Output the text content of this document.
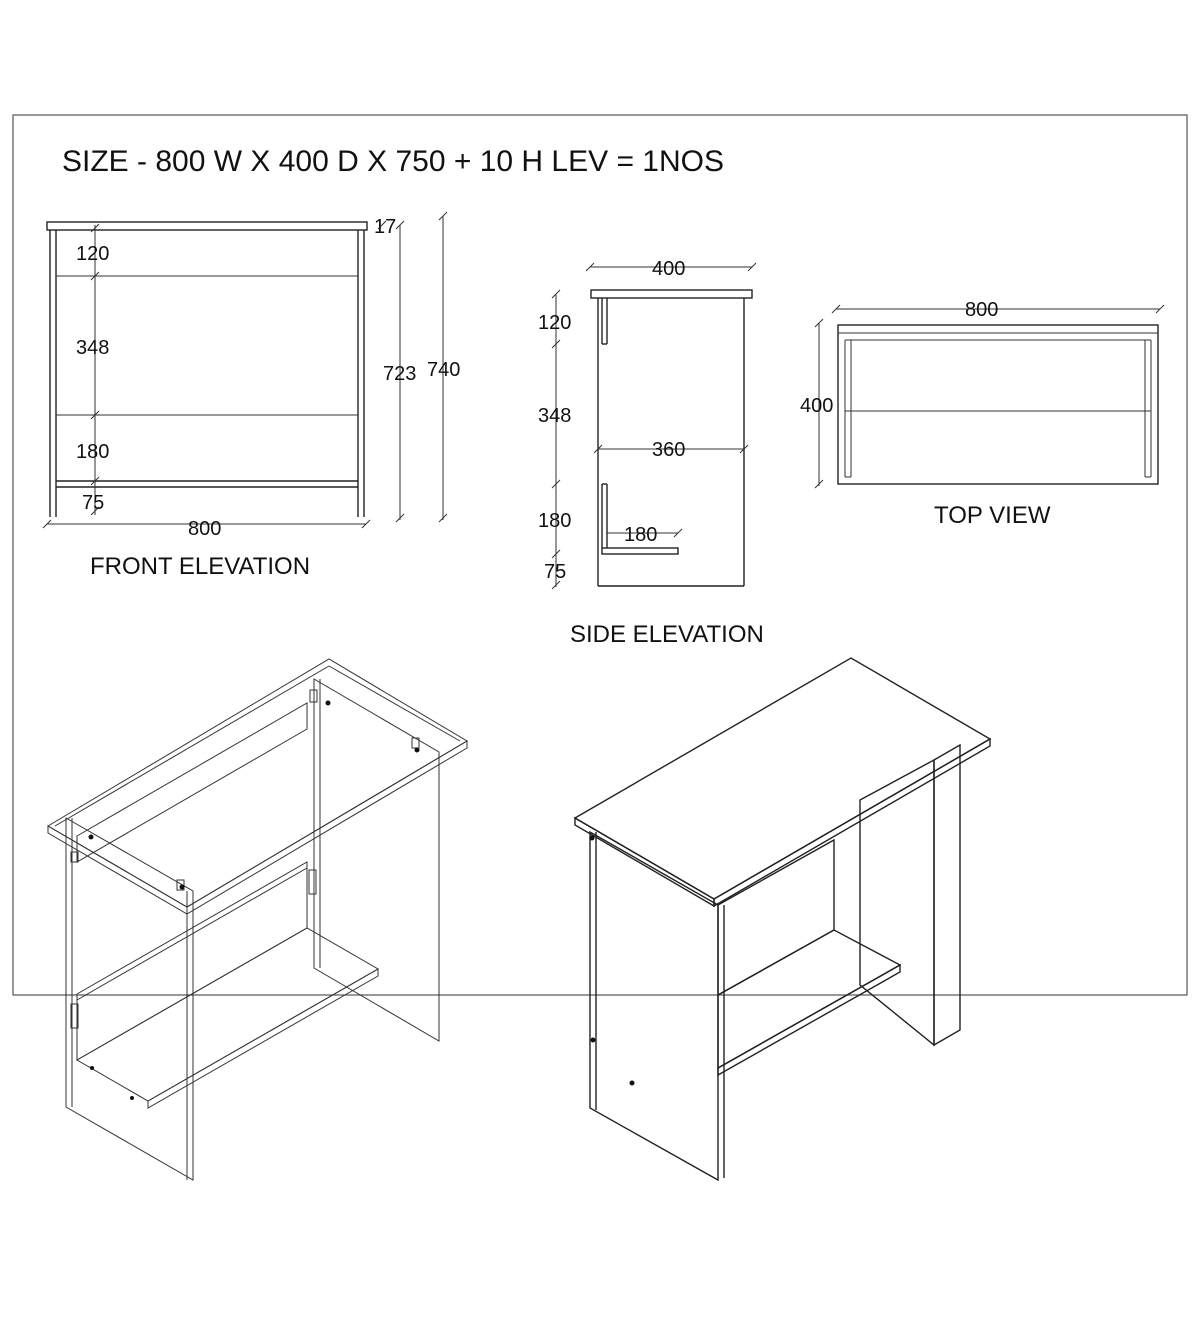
SIZE - 800 W X 400 D X 750 + 10 H LEV = 1NOS
17
120
348
180
75
800
723 740
FRONT ELEVATION
400
120
348
360
180
180
75
SIDE ELEVATION
800
400
TOP VIEW
